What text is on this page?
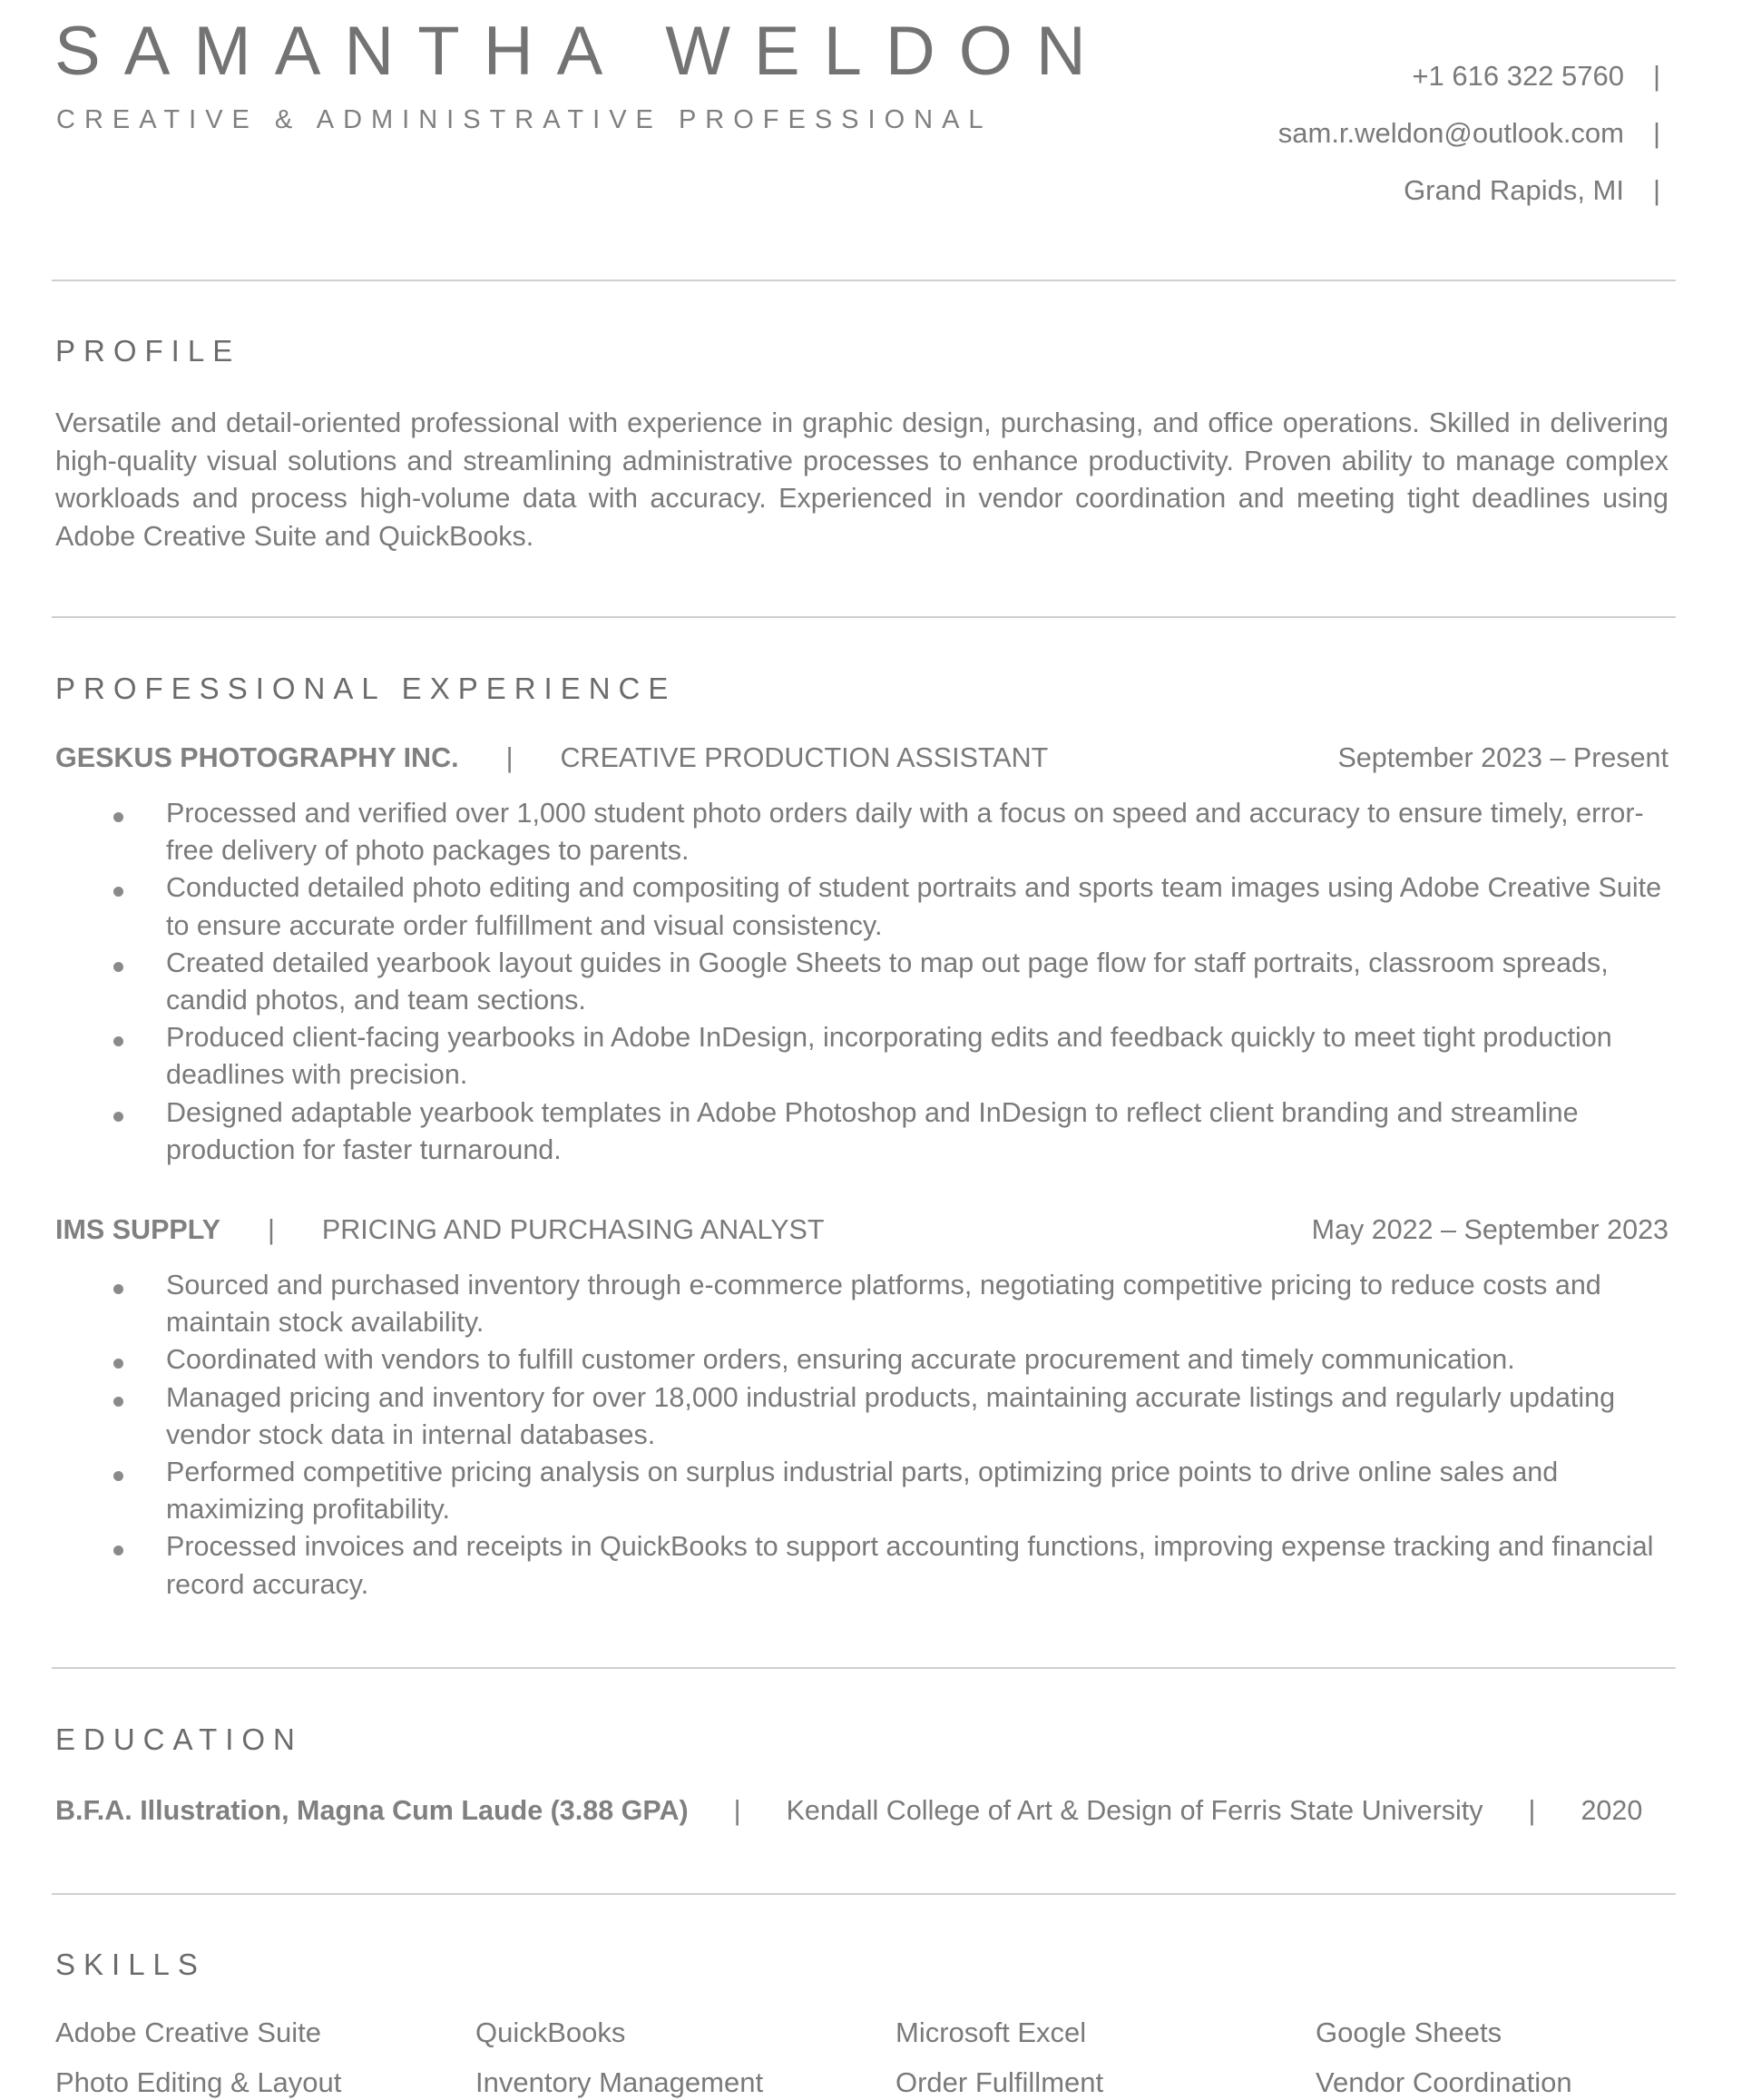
SAMANTHA WELDON
CREATIVE & ADMINISTRATIVE PROFESSIONAL
+1 616 322 5760 |
sam.r.weldon@outlook.com |
Grand Rapids, MI |
PROFILE
Versatile and detail-oriented professional with experience in graphic design, purchasing, and office operations. Skilled in delivering high-quality visual solutions and streamlining administrative processes to enhance productivity. Proven ability to manage complex workloads and process high-volume data with accuracy. Experienced in vendor coordination and meeting tight deadlines using Adobe Creative Suite and QuickBooks.
PROFESSIONAL EXPERIENCE
GESKUS PHOTOGRAPHY INC. | CREATIVE PRODUCTION ASSISTANT	September 2023 – Present
Processed and verified over 1,000 student photo orders daily with a focus on speed and accuracy to ensure timely, error-free delivery of photo packages to parents.
Conducted detailed photo editing and compositing of student portraits and sports team images using Adobe Creative Suite to ensure accurate order fulfillment and visual consistency.
Created detailed yearbook layout guides in Google Sheets to map out page flow for staff portraits, classroom spreads, candid photos, and team sections.
Produced client-facing yearbooks in Adobe InDesign, incorporating edits and feedback quickly to meet tight production deadlines with precision.
Designed adaptable yearbook templates in Adobe Photoshop and InDesign to reflect client branding and streamline production for faster turnaround.
IMS SUPPLY | PRICING AND PURCHASING ANALYST	May 2022 – September 2023
Sourced and purchased inventory through e-commerce platforms, negotiating competitive pricing to reduce costs and maintain stock availability.
Coordinated with vendors to fulfill customer orders, ensuring accurate procurement and timely communication.
Managed pricing and inventory for over 18,000 industrial products, maintaining accurate listings and regularly updating vendor stock data in internal databases.
Performed competitive pricing analysis on surplus industrial parts, optimizing price points to drive online sales and maximizing profitability.
Processed invoices and receipts in QuickBooks to support accounting functions, improving expense tracking and financial record accuracy.
EDUCATION
B.F.A. Illustration, Magna Cum Laude (3.88 GPA) | Kendall College of Art & Design of Ferris State University | 2020
SKILLS
Adobe Creative Suite	QuickBooks	Microsoft Excel	Google Sheets
Photo Editing & Layout	Inventory Management	Order Fulfillment	Vendor Coordination
